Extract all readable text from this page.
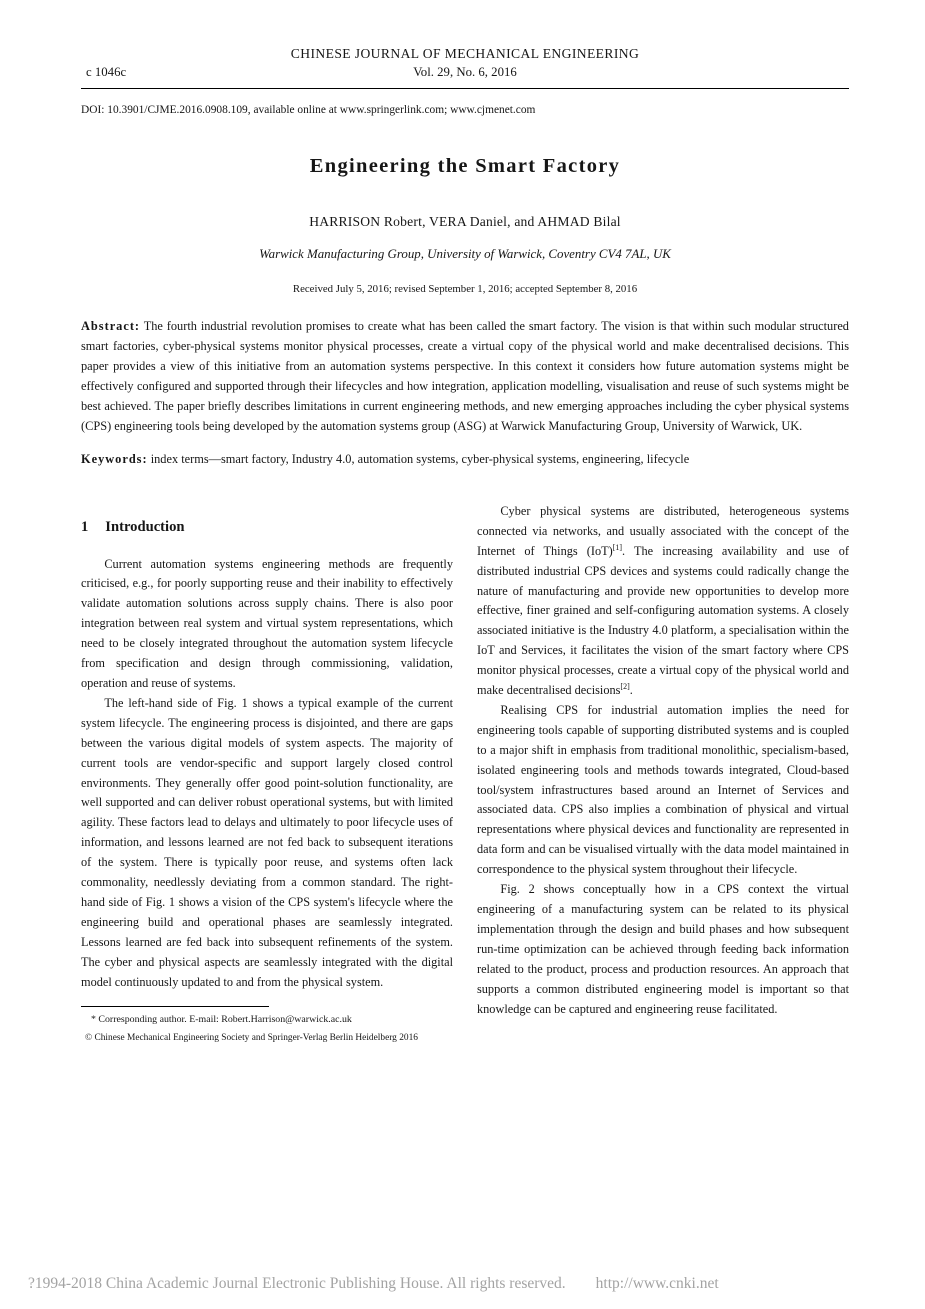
CHINESE JOURNAL OF MECHANICAL ENGINEERING
c 1046c	Vol. 29, No. 6, 2016
DOI: 10.3901/CJME.2016.0908.109, available online at www.springerlink.com; www.cjmenet.com
Engineering the Smart Factory
HARRISON Robert, VERA Daniel, and AHMAD Bilal
Warwick Manufacturing Group, University of Warwick, Coventry CV4 7AL, UK
Received July 5, 2016; revised September 1, 2016; accepted September 8, 2016

Abstract: The fourth industrial revolution promises to create what has been called the smart factory. The vision is that within such modular structured smart factories, cyber-physical systems monitor physical processes, create a virtual copy of the physical world and make decentralised decisions. This paper provides a view of this initiative from an automation systems perspective. In this context it considers how future automation systems might be effectively configured and supported through their lifecycles and how integration, application modelling, visualisation and reuse of such systems might be best achieved. The paper briefly describes limitations in current engineering methods, and new emerging approaches including the cyber physical systems (CPS) engineering tools being developed by the automation systems group (ASG) at Warwick Manufacturing Group, University of Warwick, UK.

Keywords: index terms—smart factory, Industry 4.0, automation systems, cyber-physical systems, engineering, lifecycle

1 Introduction

Current automation systems engineering methods are frequently criticised, e.g., for poorly supporting reuse and their inability to effectively validate automation solutions across supply chains. There is also poor integration between real system and virtual system representations, which need to be closely integrated throughout the automation system lifecycle from specification and design through commissioning, validation, operation and reuse of systems.

The left-hand side of Fig. 1 shows a typical example of the current system lifecycle. The engineering process is disjointed, and there are gaps between the various digital models of system aspects. The majority of current tools are vendor-specific and support largely closed control environments. They generally offer good point-solution functionality, are well supported and can deliver robust operational systems, but with limited agility. These factors lead to delays and ultimately to poor lifecycle uses of information, and lessons learned are not fed back to subsequent iterations of the system. There is typically poor reuse, and systems often lack commonality, needlessly deviating from a common standard. The right-hand side of Fig. 1 shows a vision of the CPS system's lifecycle where the engineering build and operational phases are seamlessly integrated. Lessons learned are fed back into subsequent refinements of the system. The cyber and physical aspects are seamlessly integrated with the digital model continuously updated to and from the physical system.

* Corresponding author. E-mail: Robert.Harrison@warwick.ac.uk

© Chinese Mechanical Engineering Society and Springer-Verlag Berlin Heidelberg 2016

Cyber physical systems are distributed, heterogeneous systems connected via networks, and usually associated with the concept of the Internet of Things (IoT)[1]. The increasing availability and use of distributed industrial CPS devices and systems could radically change the nature of manufacturing and provide new opportunities to develop more effective, finer grained and self-configuring automation systems. A closely associated initiative is the Industry 4.0 platform, a specialisation within the IoT and Services, it facilitates the vision of the smart factory where CPS monitor physical processes, create a virtual copy of the physical world and make decentralised decisions[2].

Realising CPS for industrial automation implies the need for engineering tools capable of supporting distributed systems and is coupled to a major shift in emphasis from traditional monolithic, specialism-based, isolated engineering tools and methods towards integrated, Cloud-based tool/system infrastructures based around an Internet of Services and associated data. CPS also implies a combination of physical and virtual representations where physical devices and functionality are represented in data form and can be visualised virtually with the data model maintained in correspondence to the physical system throughout their lifecycle.

Fig. 2 shows conceptually how in a CPS context the virtual engineering of a manufacturing system can be related to its physical implementation through the design and build phases and how subsequent run-time optimization can be achieved through feeding back information related to the product, process and production resources. An approach that supports a common distributed engineering model is important so that knowledge can be captured and engineering reuse facilitated.

?1994-2018 China Academic Journal Electronic Publishing House. All rights reserved. http://www.cnki.net
